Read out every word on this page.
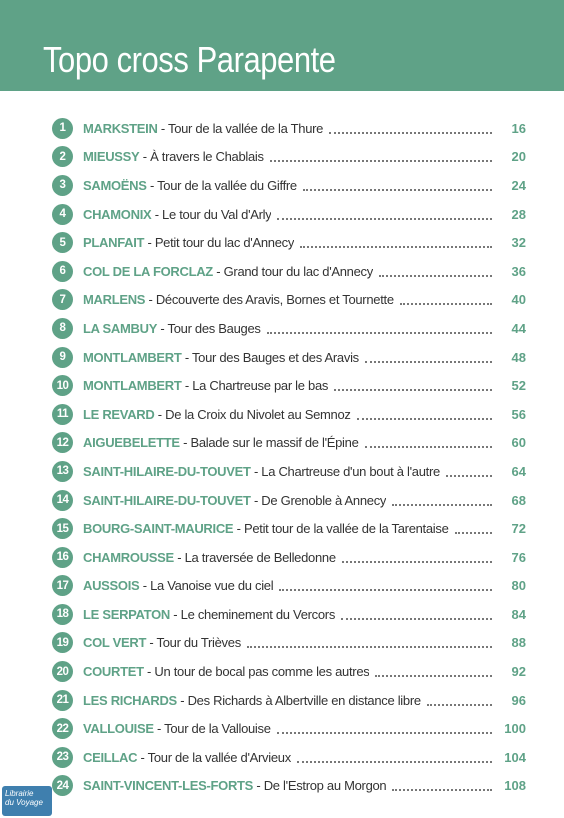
Topo cross Parapente
1	MARKSTEIN - Tour de la vallée de la Thure	16
2	MIEUSSY - À travers le Chablais	20
3	SAMOËNS - Tour de la vallée du Giffre	24
4	CHAMONIX - Le tour du Val d'Arly	28
5	PLANFAIT - Petit tour du lac d'Annecy	32
6	COL DE LA FORCLAZ - Grand tour du lac d'Annecy	36
7	MARLENS - Découverte des Aravis, Bornes et Tournette	40
8	LA SAMBUY - Tour des Bauges	44
9	MONTLAMBERT - Tour des Bauges et des Aravis	48
10	MONTLAMBERT - La Chartreuse par le bas	52
11	LE REVARD - De la Croix du Nivolet au Semnoz	56
12	AIGUEBELETTE - Balade sur le massif de l'Épine	60
13	SAINT-HILAIRE-DU-TOUVET - La Chartreuse d'un bout à l'autre	64
14	SAINT-HILAIRE-DU-TOUVET - De Grenoble à Annecy	68
15	BOURG-SAINT-MAURICE - Petit tour de la vallée de la Tarentaise	72
16	CHAMROUSSE - La traversée de Belledonne	76
17	AUSSOIS - La Vanoise vue du ciel	80
18	LE SERPATON - Le cheminement du Vercors	84
19	COL VERT - Tour du Trièves	88
20	COURTET - Un tour de bocal pas comme les autres	92
21	LES RICHARDS - Des Richards à Albertville en distance libre	96
22	VALLOUISE - Tour de la Vallouise	100
23	CEILLAC - Tour de la vallée d'Arvieux	104
24	SAINT-VINCENT-LES-FORTS - De l'Estrop au Morgon	108
Librairie
du Voyage
